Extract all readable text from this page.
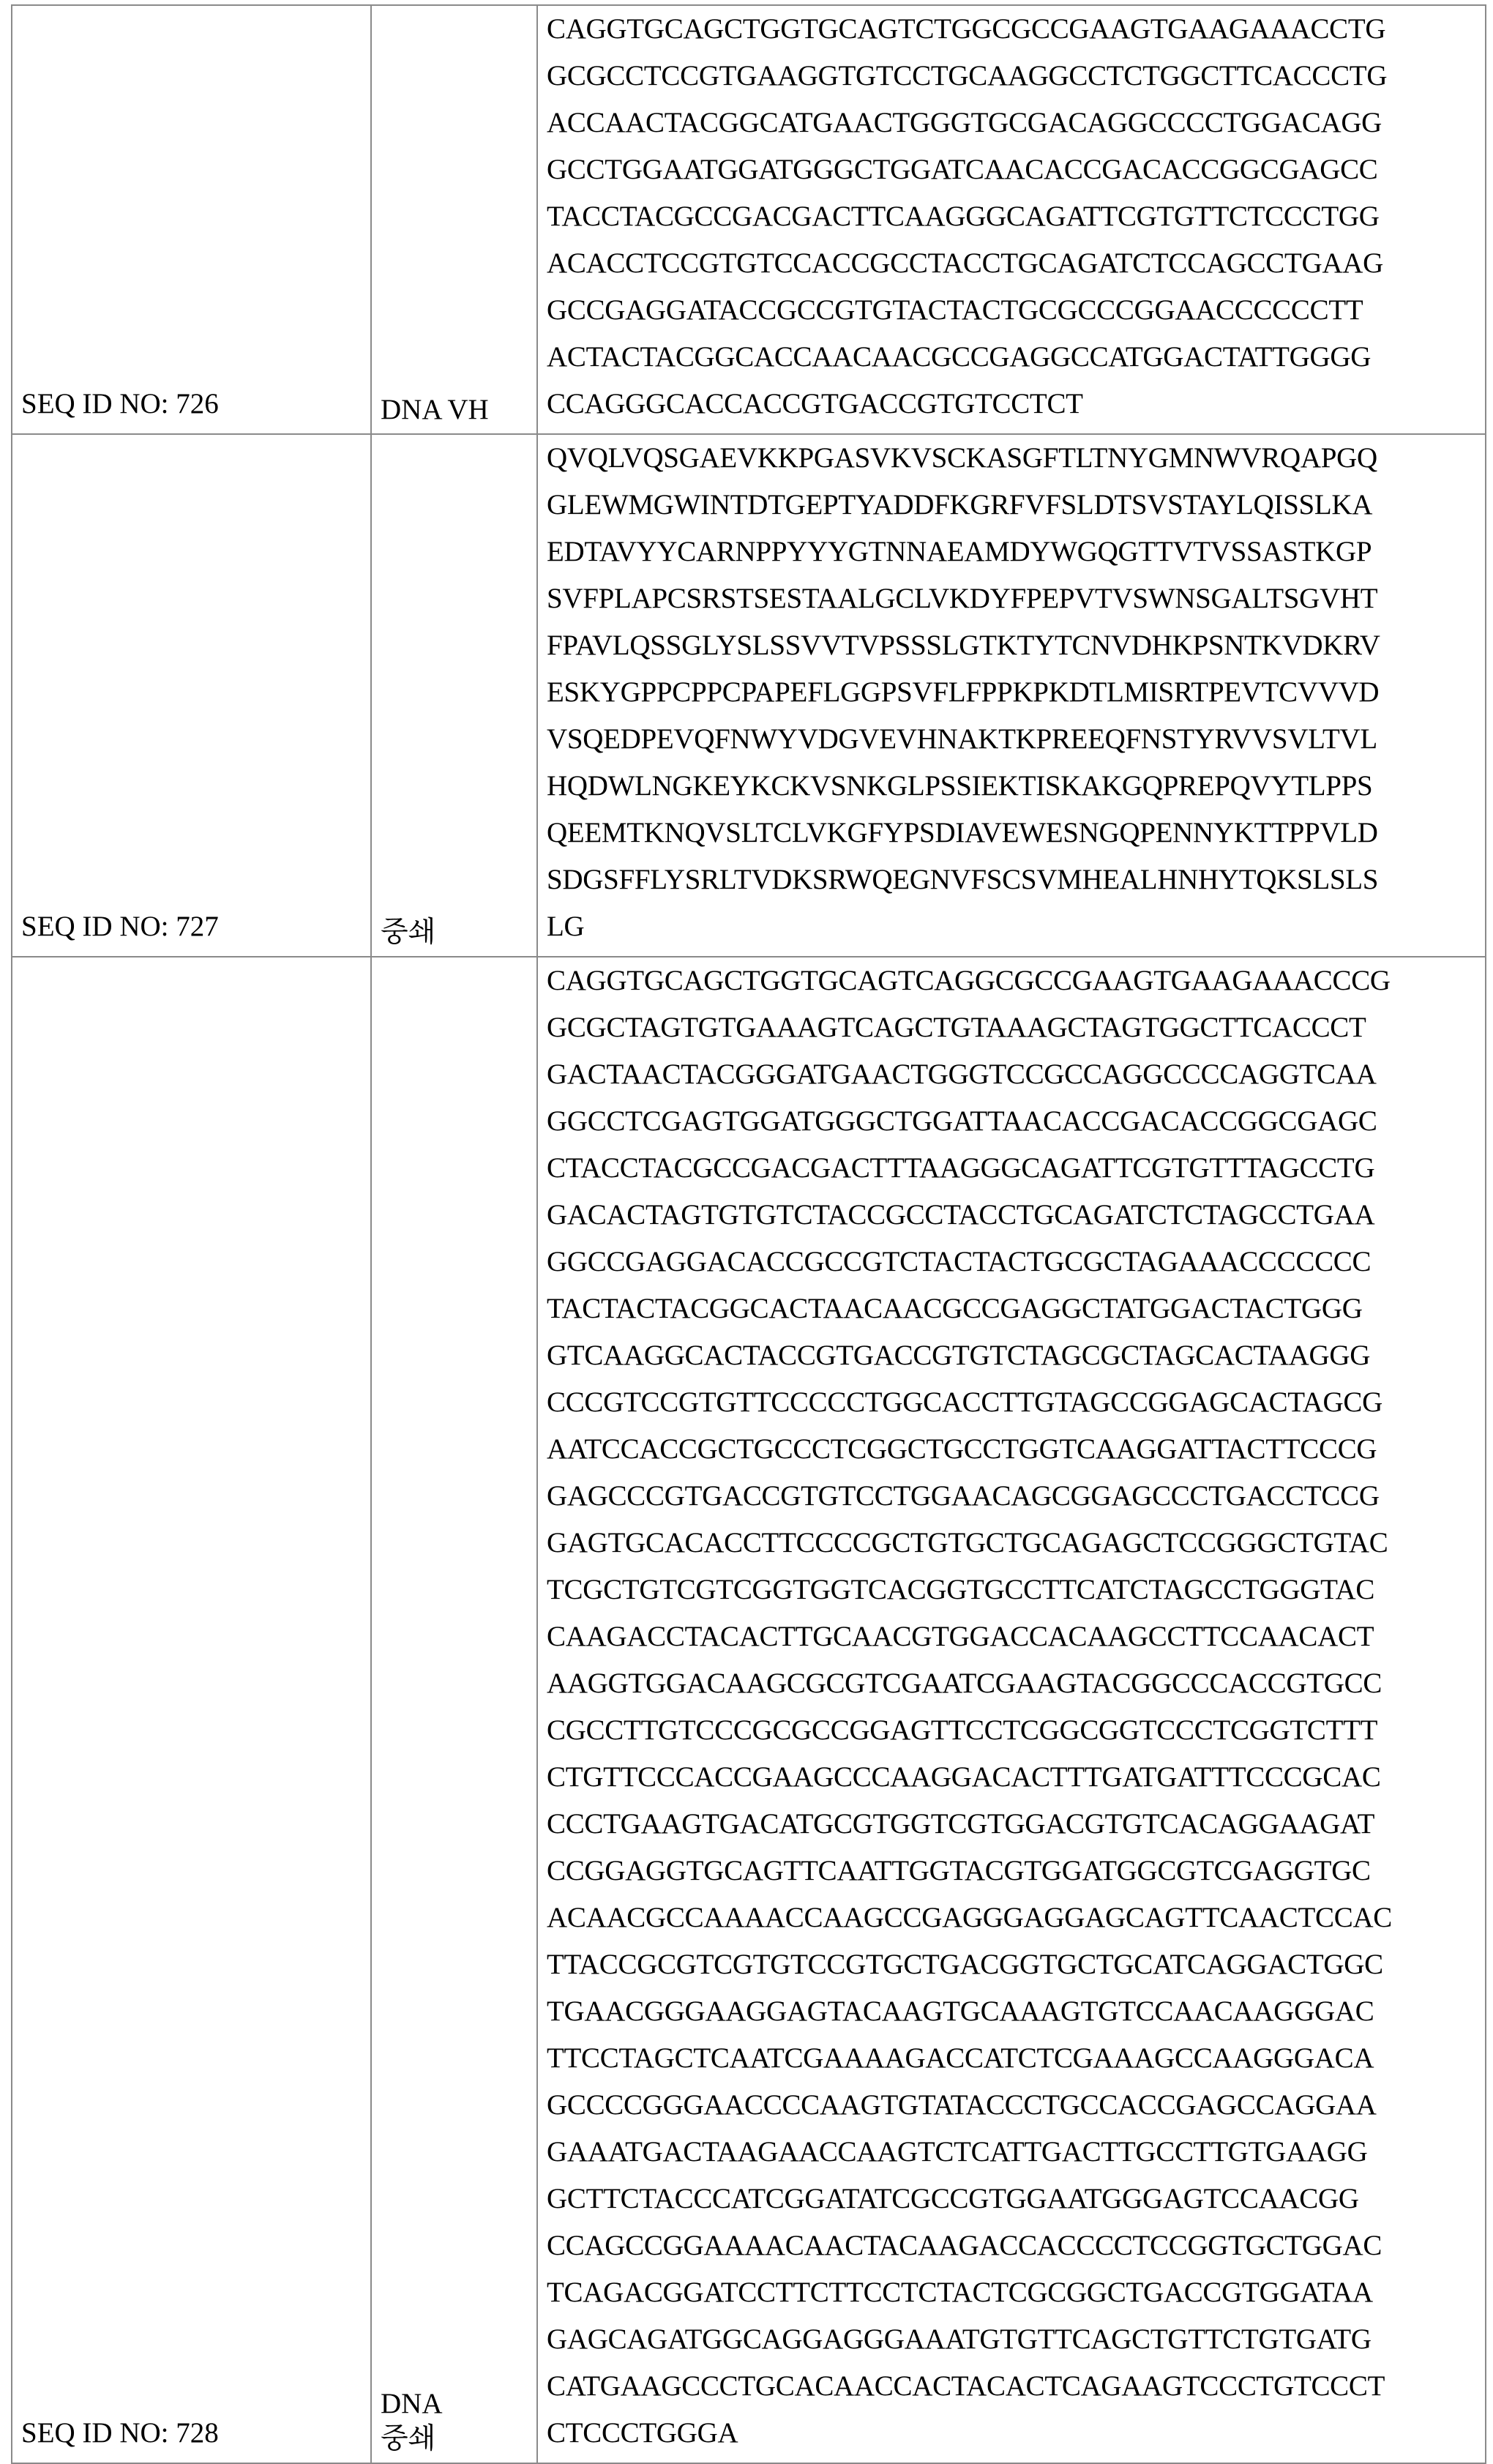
SEQ ID NO: 726	DNA VH

CAGGTGCAGCTGGTGCAGTCTGGCGCCGAAGTGAAGAAACCTG
GCGCCTCCGTGAAGGTGTCCTGCAAGGCCTCTGGCTTCACCCTG
ACCAACTACGGCATGAACTGGGTGCGACAGGCCCCTGGACAGG
GCCTGGAATGGATGGGCTGGATCAACACCGACACCGGCGAGCC
TACCTACGCCGACGACTTCAAGGGCAGATTCGTGTTCTCCCTGG
ACACCTCCGTGTCCACCGCCTACCTGCAGATCTCCAGCCTGAAG
GCCGAGGATACCGCCGTGTACTACTGCGCCCGGAACCCCCCTT
ACTACTACGGCACCAACAACGCCGAGGCCATGGACTATTGGGG
CCAGGGCACCACCGTGACCGTGTCCTCT

SEQ ID NO: 727	중쇄

QVQLVQSGAEVKKPGASVKVSCKASGFTLTNYGMNWVRQAPGQ
GLEWMGWINTDTGEPTYADDFKGRFVFSLDTSVSTAYLQISSLKA
EDTAVYYCARNPPYYYGTNNAEAMDYWGQGTTVTVSSASTKGP
SVFPLAPCSRSTSESTAALGCLVKDYFPEPVTVSWNSGALTSGVHT
FPAVLQSSGLYSLSSVVTVPSSSLGTKTYTCNVDHKPSNTKVDKRV
ESKYGPPCPPCPAPEFLGGPSVFLFPPKPKDTLMISRTPEVTCVVVD
VSQEDPEVQFNWYVDGVEVHNAKTKPREEQFNSTYRVVSVLTVL
HQDWLNGKEYKCKVSNKGLPSSIEKTISKAKGQPREPQVYTLPPS
QEEMTKNQVSLTCLVKGFYPSDIAVEWESNGQPENNYKTTPPVLD
SDGSFFLYSRLTVDKSRWQEGNVFSCSVMHEALHNHYTQKSLSLS
LG

SEQ ID NO: 728	
DNA
중쇄

CAGGTGCAGCTGGTGCAGTCAGGCGCCGAAGTGAAGAAACCCG
GCGCTAGTGTGAAAGTCAGCTGTAAAGCTAGTGGCTTCACCCT
GACTAACTACGGGATGAACTGGGTCCGCCAGGCCCCAGGTCAA
GGCCTCGAGTGGATGGGCTGGATTAACACCGACACCGGCGAGC
CTACCTACGCCGACGACTTTAAGGGCAGATTCGTGTTTAGCCTG
GACACTAGTGTGTCTACCGCCTACCTGCAGATCTCTAGCCTGAA
GGCCGAGGACACCGCCGTCTACTACTGCGCTAGAAACCCCCCC
TACTACTACGGCACTAACAACGCCGAGGCTATGGACTACTGGG
GTCAAGGCACTACCGTGACCGTGTCTAGCGCTAGCACTAAGGG
CCCGTCCGTGTTCCCCCTGGCACCTTGTAGCCGGAGCACTAGCG
AATCCACCGCTGCCCTCGGCTGCCTGGTCAAGGATTACTTCCCG
GAGCCCGTGACCGTGTCCTGGAACAGCGGAGCCCTGACCTCCG
GAGTGCACACCTTCCCCGCTGTGCTGCAGAGCTCCGGGCTGTAC
TCGCTGTCGTCGGTGGTCACGGTGCCTTCATCTAGCCTGGGTAC
CAAGACCTACACTTGCAACGTGGACCACAAGCCTTCCAACACT
AAGGTGGACAAGCGCGTCGAATCGAAGTACGGCCCACCGTGCC
CGCCTTGTCCCGCGCCGGAGTTCCTCGGCGGTCCCTCGGTCTTT
CTGTTCCCACCGAAGCCCAAGGACACTTTGATGATTTCCCGCAC
CCCTGAAGTGACATGCGTGGTCGTGGACGTGTCACAGGAAGAT
CCGGAGGTGCAGTTCAATTGGTACGTGGATGGCGTCGAGGTGC
ACAACGCCAAAACCAAGCCGAGGGAGGAGCAGTTCAACTCCAC
TTACCGCGTCGTGTCCGTGCTGACGGTGCTGCATCAGGACTGGC
TGAACGGGAAGGAGTACAAGTGCAAAGTGTCCAACAAGGGAC
TTCCTAGCTCAATCGAAAAGACCATCTCGAAAGCCAAGGGACA
GCCCCGGGAACCCCAAGTGTATACCCTGCCACCGAGCCAGGAA
GAAATGACTAAGAACCAAGTCTCATTGACTTGCCTTGTGAAGG
GCTTCTACCCATCGGATATCGCCGTGGAATGGGAGTCCAACGG
CCAGCCGGAAAACAACTACAAGACCACCCCTCCGGTGCTGGAC
TCAGACGGATCCTTCTTCCTCTACTCGCGGCTGACCGTGGATAA
GAGCAGATGGCAGGAGGGAAATGTGTTCAGCTGTTCTGTGATG
CATGAAGCCCTGCACAACCACTACACTCAGAAGTCCCTGTCCCT
CTCCCTGGGA
